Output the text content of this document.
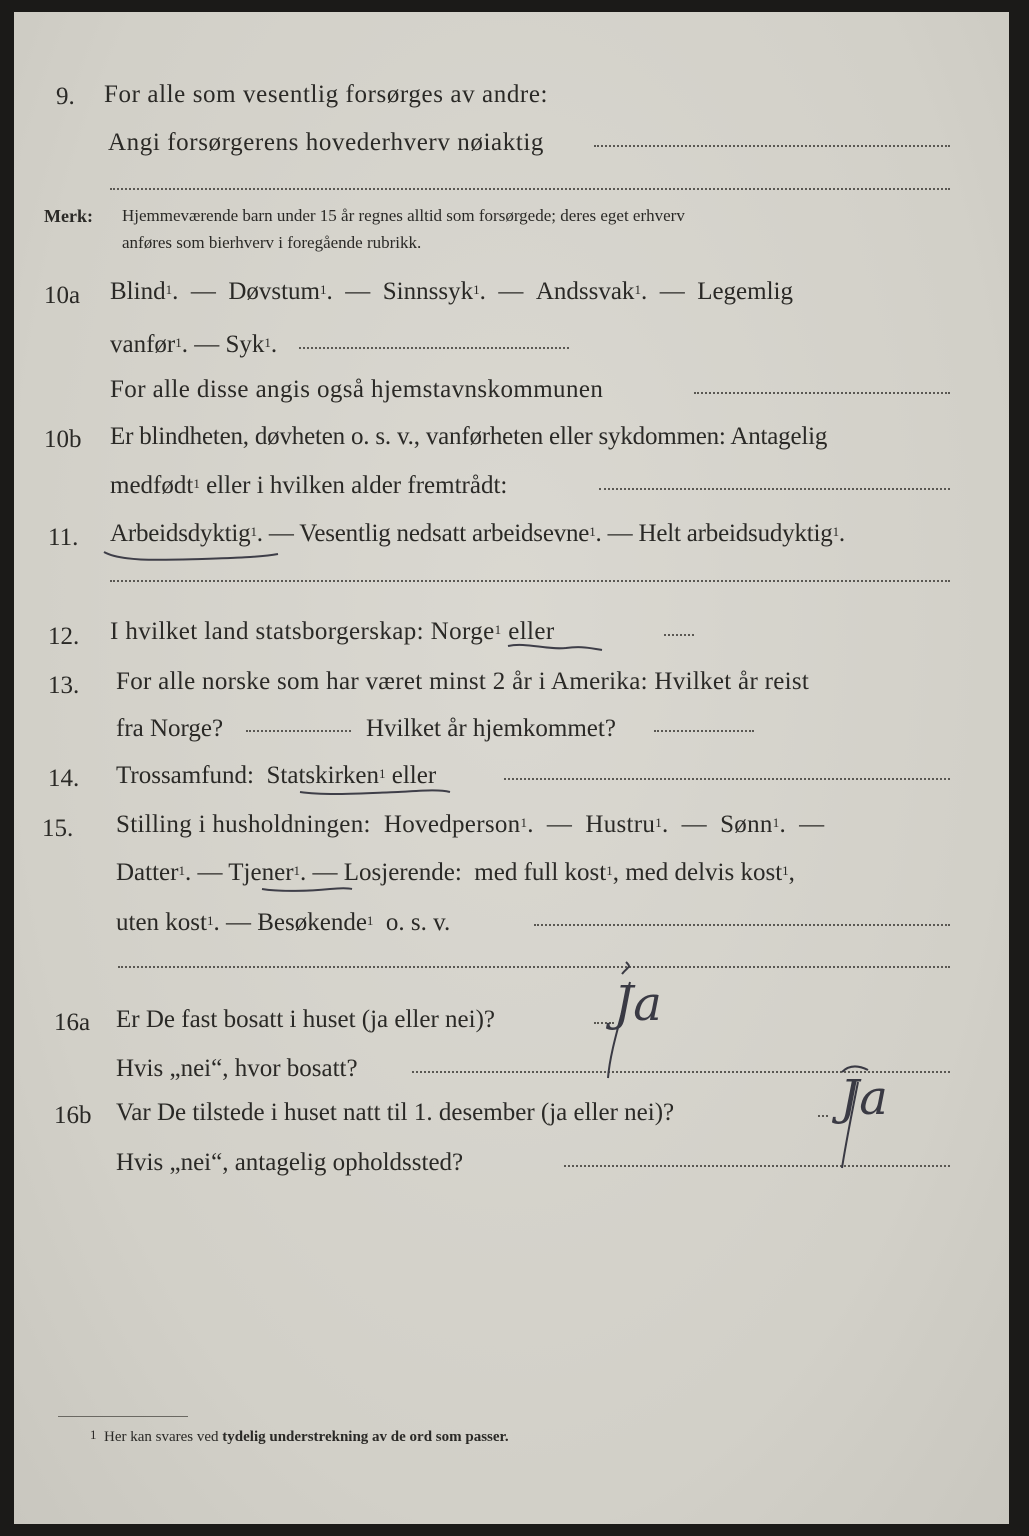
9. For alle som vesentlig forsørges av andre:
Angi forsørgerens hovederhverv nøiaktig
Merk: Hjemmeværende barn under 15 år regnes alltid som forsørgede; deres eget erhverv
anføres som bierhverv i foregående rubrikk.
10a Blind$^1$.  —  Døvstum$^1$.  —  Sinnssyk$^1$.  —  Andssvak$^1$.  —  Legemlig
vanfør$^1$. — Syk$^1$.
For alle disse angis også hjemstavnskommunen
10b Er blindheten, døvheten o. s. v., vanførheten eller sykdommen: Antagelig
medfødt$^1$ eller i hvilken alder fremtrådt:
11. Arbeidsdyktig$^1$. — Vesentlig nedsatt arbeidsevne$^1$. — Helt arbeidsudyktig$^1$.
12. I hvilket land statsborgerskap: Norge$^1$ eller
13. For alle norske som har været minst 2 år i Amerika: Hvilket år reist
fra Norge?	Hvilket år hjemkommet?
14. Trossamfund: Statskirken$^1$ eller
15. Stilling i husholdningen: Hovedperson$^1$.  —  Hustru$^1$.  —  Sønn$^1$.  —
Datter$^1$. — Tjener$^1$. — Losjerende: med full kost$^1$, med delvis kost$^1$,
uten kost$^1$. — Besøkende$^1$ o. s. v.
16a Er De fast bosatt i huset (ja eller nei)?
Hvis „nei“, hvor bosatt?
Ja
16b Var De tilstede i huset natt til 1. desember (ja eller nei)?
Hvis „nei“, antagelig opholdssted?
Ja
1 Her kan svares ved tydelig understrekning av de ord som passer.
